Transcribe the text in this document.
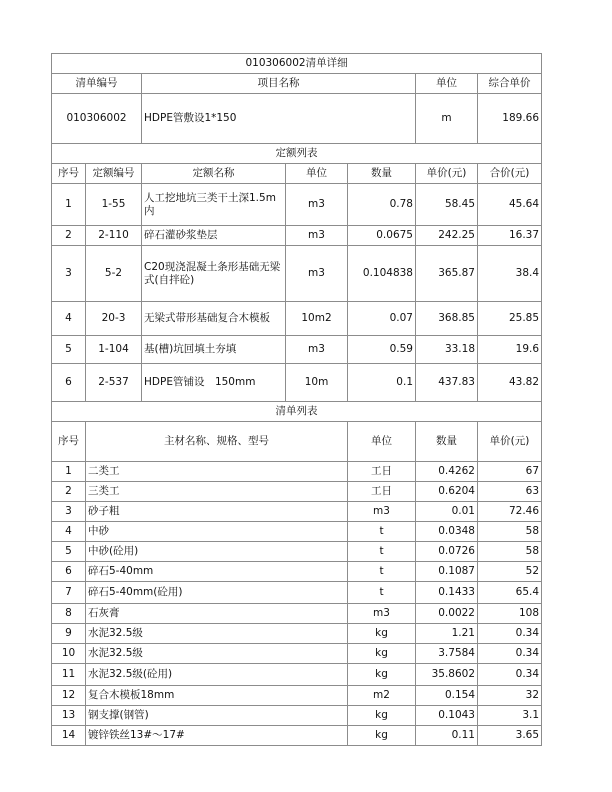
010306002清单详细							
清单编号		项目名称			单位	综合单价	
010306002		HDPE管敷设1*150			m	189.66	
定额列表							
序号	定额编号	定额名称	单位	数量	单价(元)	合价(元)	
1	1-55	人工挖地坑三类干土深1.5m内	m3	0.78	58.45	45.64	
2	2-110	碎石灌砂浆垫层	m3	0.0675	242.25	16.37	
3	5-2	C20现浇混凝土条形基础无梁式(自拌砼)	m3	0.104838	365.87	38.4	
4	20-3	无梁式带形基础复合木模板	10m2	0.07	368.85	25.85	
5	1-104	基(槽)坑回填土夯填	m3	0.59	33.18	19.6	
6	2-537	HDPE管铺设　150mm	10m	0.1	437.83	43.82	
清单列表							
序号	主材名称、规格、型号			单位	数量	单价(元)	
1	二类工			工日	0.4262	67	
2	三类工			工日	0.6204	63	
3	砂子粗			m3	0.01	72.46	
4	中砂			t	0.0348	58	
5	中砂(砼用)			t	0.0726	58	
6	碎石5-40mm			t	0.1087	52	
7	碎石5-40mm(砼用)			t	0.1433	65.4	
8	石灰膏			m3	0.0022	108	
9	水泥32.5级			kg	1.21	0.34	
10	水泥32.5级			kg	3.7584	0.34	
11	水泥32.5级(砼用)			kg	35.8602	0.34	
12	复合木模板18mm			m2	0.154	32	
13	钢支撑(钢管)			kg	0.1043	3.1	
14	镀锌铁丝13#～17#			kg	0.11	3.65	
